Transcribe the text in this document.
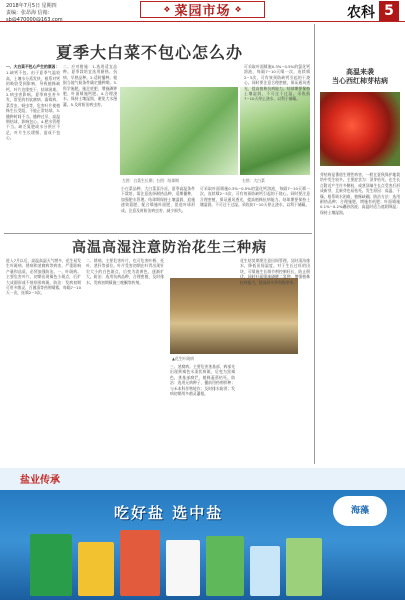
2018年7月5日 星期四
责编：张昂海 信箱：sb@470000@163.com
❖ 菜园市场 ❖	农科 5
夏季大白菜不包心怎么办

一、大白菜不包心产生的原因：

1.缺钙不包。由于夏季气温较高，土壤水分蒸发快，根系对钙的吸收受到影响，导致植株缺钙，叶片边缘变干，结球困难。2.病虫害影响。夏季病虫害多发，常见的有软腐病、霜霉病、菜青虫、蚜虫等，危害叶片使植株生长受阻，不能正常结球。3.播种时间不当。播种过早，高温期结球，影响包心。4.肥水管理不当。缺乏氮肥或水分供应不足，叶片生长缓慢，造成不包心。

二、应对措施：1.选用适宜品种。夏季栽培宜选用耐热、抗病、早熟品种。2.适时播种。根据当地气候条件确定播种期。3.科学施肥。施足底肥，增施磷钾肥，叶面喷施钙肥。4.合理浇水。保持土壤湿润，避免大水漫灌。5.及时防治病虫害。

左图：白菜生长期；右图：结球期	右图：大白菜

小白菜品种、大白菜喜冷凉，夏季高温条件下栽培，需注意选择耐热品种，适期播种，加强肥水管理。结球期保持土壤湿润，追施速效氮肥，配合喷施叶面肥，促进叶球形成。注意及时防治病虫害，减少损失。

可采取叶面喷施0.3%~0.5%的氯化钙溶液，每隔7~10天喷一次，连续喷2~3次，可有效预防缺钙引起的干烧心。同时要注意合理密植，保证通风透光，提高植株抗病能力。结球期要保持土壤湿润，不可过干过湿。采收前7~10天停止浇水，以利于储藏。

可采取叶面喷施0.3%~0.5%的氯化钙溶液，每隔7~10天喷一次，连续喷2~3次，可有效预防缺钙引起的干烧心。同时要注意合理密植，保证通风透光，提高植株抗病能力。结球期要保持土壤湿润，不可过干过湿。采收前7~10天停止浇水，以利于储藏。

高温来袭
当心西红柿芽枯病

芽枯病是番茄生理性病害，一般在夏秋保护地栽培中发生较多。主要症状为：顶芽枯死，在生长点附近产生许多侧枝，或茎顶端生长点受害后形成新芽，且新芽也易枯死。发生原因：高温、干燥，根系吸水困难，植株缺硼。防治方法：选用耐热品种；合理施肥，增施有机肥；叶面喷施0.1%~0.2%硼砂溶液；高温时适当遮阴降温；保持土壤湿润。

高温高湿注意防治花生三种病

进入7月以后，高温高湿天气增多，花生易发生叶斑病、锈病和茎腐病等病害，严重影响产量和品质，必须加强防治。一、叶斑病。主要危害叶片，初期出现褐色小斑点，后扩大成圆形或不规则形病斑。防治：发病初期可用多菌灵、百菌清等药剂喷雾，每隔7~10天一次，连喷2~3次。

二、锈病。主要危害叶片，也可危害叶柄、托叶、茎秆等部位。叶片受害初期在叶背出现针尖大小的白色斑点，后变为淡黄色，逐渐扩大。防治：选用抗病品种，合理密植，及时排水。发病初期喷施三唑酮等药剂。

▲花生叶斑病

三、茎腐病。主要危害茎基部，病部先出现黄褐色水渍状病斑，后变为黑褐色，茎基部腐烂，植株萎蔫枯死。防治：选用无病种子，播前用药剂拌种；与禾本科作物轮作；及时排水防涝；发病初期用多菌灵灌根。

花生结荚期要注意田间管理，及时清沟排水，降低田间湿度。对于生长过旺的田块，可喷施生长调节剂控制旺长，防止倒伏。同时叶面喷施磷酸二氢钾，增强植株抗病能力，提高结实率和饱果率。

盐业传承
吃好盐 选中盐	海藻
